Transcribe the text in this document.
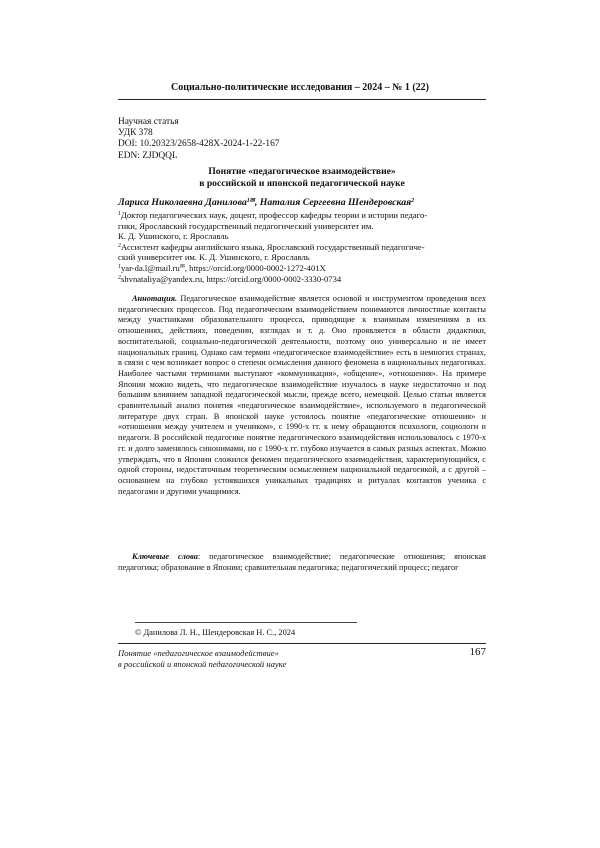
Социально-политические исследования – 2024 – № 1 (22)
Научная статья
УДК 378
DOI: 10.20323/2658-428X-2024-1-22-167
EDN: ZJDQQL
Понятие «педагогическое взаимодействие»
в российской и японской педагогической науке
Лариса Николаевна Данилова$^{1✉}$, Наталия Сергеевна Шендеровская$^2$
$^1$Доктор педагогических наук, доцент, профессор кафедры теории и истории педаго-
гики, Ярославский государственный педагогический университет им.
К. Д. Ушинского, г. Ярославль
$^2$Ассистент кафедры английского языка, Ярославский государственный педагогиче-
ский университет им. К. Д. Ушинского, г. Ярославль
$^1$yar-da.l@mail.ru✉, https://orcid.org/0000-0002-1272-401X
$^2$shvnataliya@yandex.ru, https://orcid.org/0000-0002-3330-0734

Аннотация. Педагогическое взаимодействие является основой и инструментом проведения всех педагогических процессов. Под педагогическим взаимодействием понимаются личностные контакты между участниками образовательного процесса, приводящие к взаимным изменениям в их отношениях, действиях, поведении, взглядах и т. д. Оно проявляется в области дидактики, воспитательной, социально-педагогической деятельности, поэтому оно универсально и не имеет национальных границ. Однако сам термин «педагогическое взаимодействие» есть в немногих странах, в связи с чем возникает вопрос о степени осмысления данного феномена в национальных педагогиках. Наиболее частыми терминами выступают «коммуникация», «общение», «отношения». На примере Японии можно видеть, что педагогическое взаимодействие изучалось в науке недостаточно и под большим влиянием западной педагогической мысли, прежде всего, немецкой. Целью статьи является сравнительный анализ понятия «педагогическое взаимодействие», используемого в педагогической литературе двух стран. В японской науке устоялось понятие «педагогические отношения» и «отношения между учителем и учеником», с 1990-х гг. к нему обращаются психологи, социологи и педагоги. В российской педагогике понятие педагогического взаимодействия использовалось с 1970-х гг. и долго заменялось синонимами, но с 1990-х гг. глубоко изучается в самых разных аспектах. Можно утверждать, что в Японии сложился феномен педагогического взаимодействия, характеризующийся, с одной стороны, недостаточным теоретическим осмыслением национальной педагогикой, а с другой – основанием на глубоко устоявшихся уникальных традициях и ритуалах контактов ученика с педагогами и другими учащимися.

Ключевые слова: педагогическое взаимодействие; педагогические отношения; японская педагогика; образование в Японии; сравнительная педагогика; педагогический процесс; педагог

© Данилова Л. Н., Шендеровская Н. С., 2024
Понятие «педагогическое взаимодействие»
в российской и японской педагогической науке
167
